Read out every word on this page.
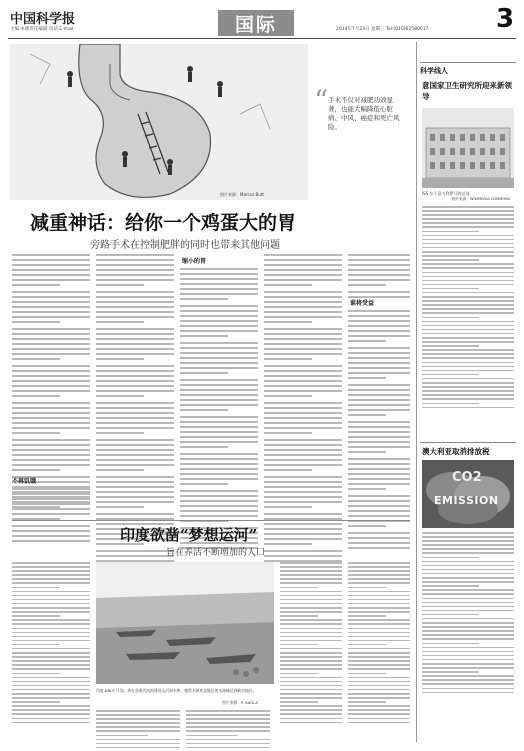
中国科学报
主编 本版责任编辑 电话 E-mail:	国际	2014年7月23日 星期三 Tel:(010)62580617	3
图片来源：Marcus Butt
“ 手术不仅对减肥功效显著，也能大幅降低心脏病、中风、癌症和死亡风险。
减重神话：给你一个鸡蛋大的胃
旁路手术在控制肥胖的同时也带来其他问题
不再饥饿
缩小的胃
谁将受益
印度欲凿“梦想运河”
旨在养活不断增加的人口
印度 NRLP 计划，将在各条河流间建设运河和水库，使得水源充足地区的水源输送到缺水地区。
图片来源：P. SAGLA
科学线人
意国家卫生研究所迎来新领导
ISS 位于意大利罗马的总部
图片来源：WIKIMEDIA COMMONS
澳大利亚取消排放税
CO2
EMISSION
